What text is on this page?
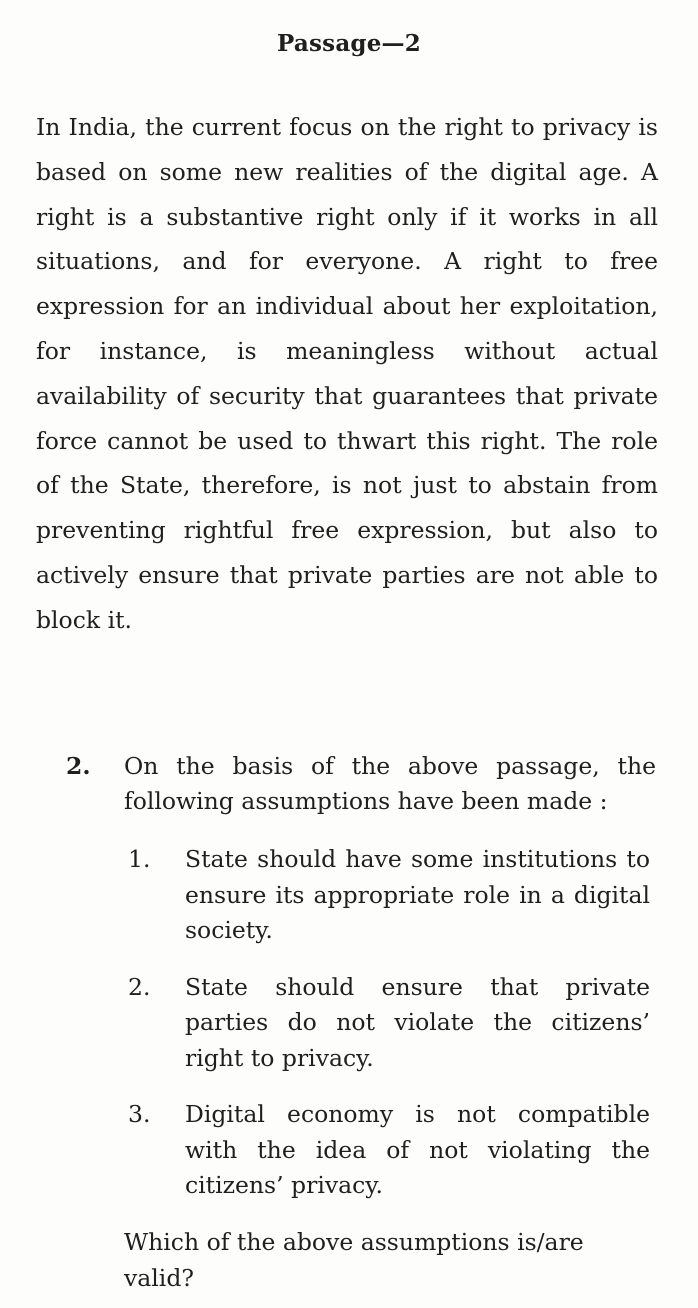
Passage—2

In India, the current focus on the right to privacy is based on some new realities of the digital age. A right is a substantive right only if it works in all situations, and for everyone. A right to free expression for an individual about her exploitation, for instance, is meaningless without actual availability of security that guarantees that private force cannot be used to thwart this right. The role of the State, therefore, is not just to abstain from preventing rightful free expression, but also to actively ensure that private parties are not able to block it.

2. On the basis of the above passage, the following assumptions have been made :
1.	State should have some institutions to ensure its appropriate role in a digital society.
2.	State should ensure that private parties do not violate the citizens’ right to privacy.
3.	Digital economy is not compatible with the idea of not violating the citizens’ privacy.
Which of the above assumptions is/are valid?
